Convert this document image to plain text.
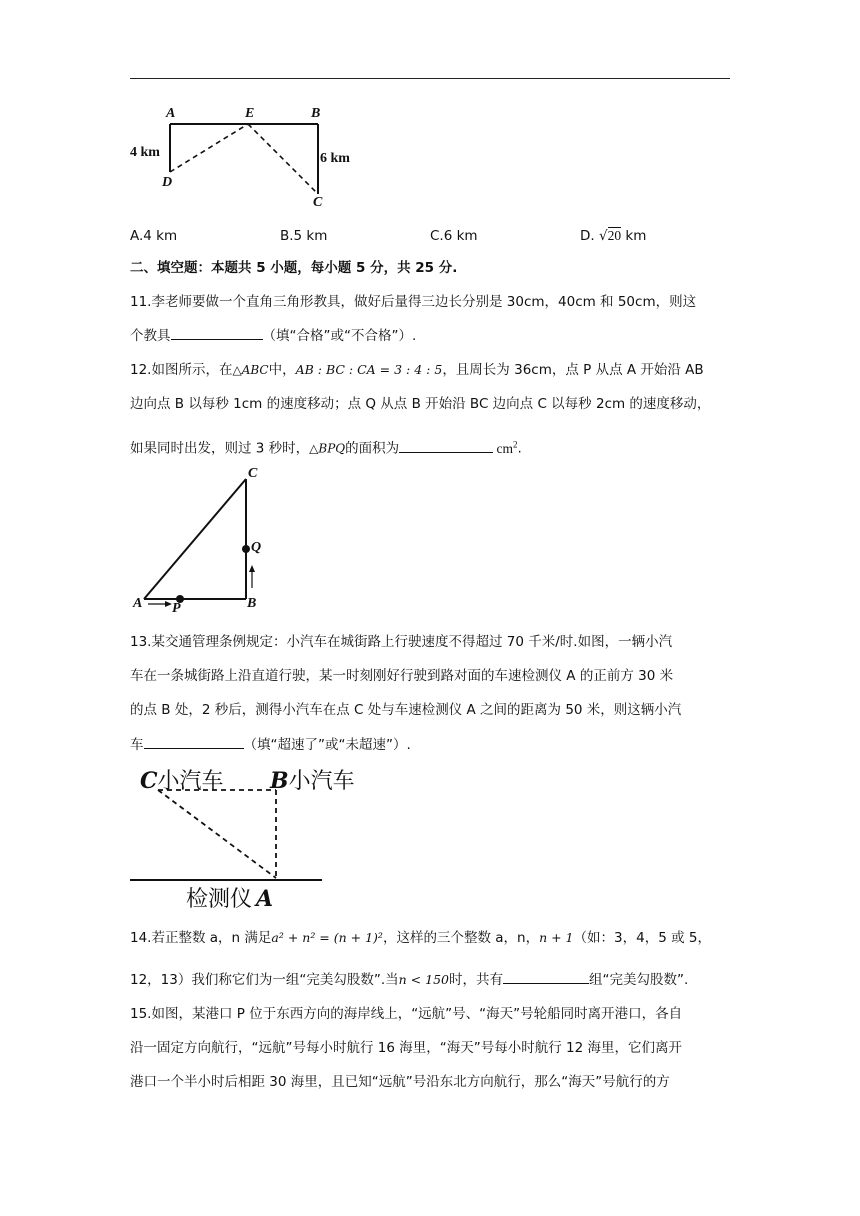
A	E	B
D
C
4 km	6 km
A.4 km	B.5 km	C.6 km	D. √20 km
二、填空题：本题共 5 小题，每小题 5 分，共 25 分.
11.李老师要做一个直角三角形教具，做好后量得三边长分别是 30cm，40cm 和 50cm，则这
个教具	（填“合格”或“不合格”）.
12.如图所示，在△ABC中，AB : BC : CA = 3 : 4 : 5，且周长为 36cm，点 P 从点 A 开始沿 AB
边向点 B 以每秒 1cm 的速度移动；点 Q 从点 B 开始沿 BC 边向点 C 以每秒 2cm 的速度移动，
如果同时出发，则过 3 秒时，△BPQ的面积为	$cm^2$.
C
Q
A P	B
13.某交通管理条例规定：小汽车在城街路上行驶速度不得超过 70 千米/时.如图，一辆小汽
车在一条城街路上沿直道行驶，某一时刻刚好行驶到路对面的车速检测仪 A 的正前方 30 米
的点 B 处，2 秒后，测得小汽车在点 C 处与车速检测仪 A 之间的距离为 50 米，则这辆小汽
车	（填“超速了”或“未超速”）.
C小汽车 B小汽车
检测仪 A
14.若正整数 a，n 满足a² + n² = (n + 1)²，这样的三个整数 a，n，n + 1（如：3，4，5 或 5，
12，13）我们称它们为一组“完美勾股数”.当n < 150时，共有	组“完美勾股数”.
15.如图，某港口 P 位于东西方向的海岸线上，“远航”号、“海天”号轮船同时离开港口，各自
沿一固定方向航行，“远航”号每小时航行 16 海里，“海天”号每小时航行 12 海里，它们离开
港口一个半小时后相距 30 海里，且已知“远航”号沿东北方向航行，那么“海天”号航行的方
